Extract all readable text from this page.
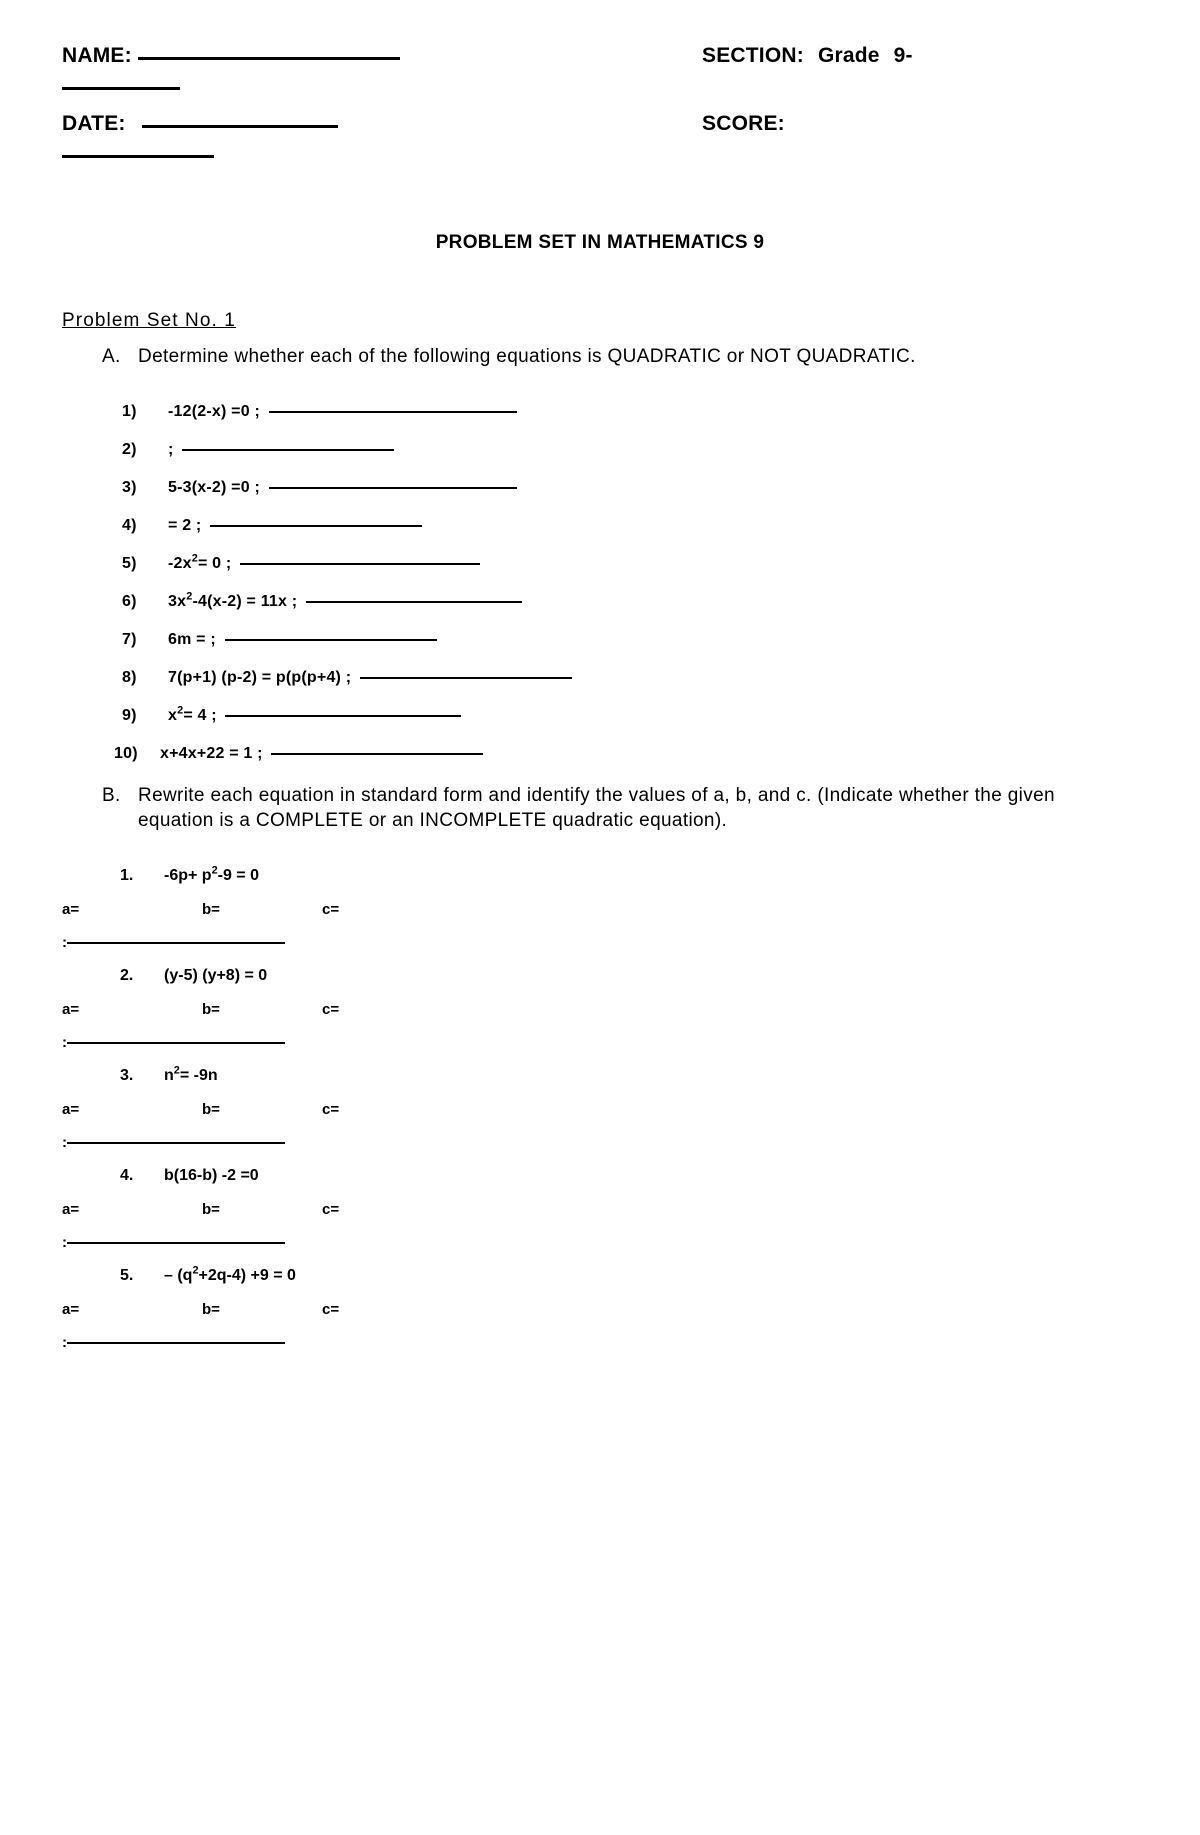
NAME:	SECTION: Grade 9-
DATE:	SCORE:
PROBLEM SET IN MATHEMATICS 9
Problem Set No. 1
A. Determine whether each of the following equations is QUADRATIC or NOT QUADRATIC.
1)	-12(2-x) =0 ;
2)	;
3)	5-3(x-2) =0 ;
4)	= 2 ;
5)	$-2x^2= 0$ ;
6)	$3x^2-4(x-2) = 11x$ ;
7)	6m = ;
8)	7(p+1) (p-2) = p(p(p+4) ;
9)	$x^2= 4$ ;
10)	x+4x+22 = 1 ;
B. Rewrite each equation in standard form and identify the values of a, b, and c. (Indicate whether the given equation is a COMPLETE or an INCOMPLETE quadratic equation).
1.	$-6p+ p^2-9 = 0$
a=	b=	c=
:
2.	(y-5) (y+8) = 0
a=	b=	c=
:
3.	$n^2= -9n$
a=	b=	c=
:
4.	b(16-b) -2 =0
a=	b=	c=
:
5.	– $(q^2+2q-4) +9 = 0$
a=	b=	c=
:
